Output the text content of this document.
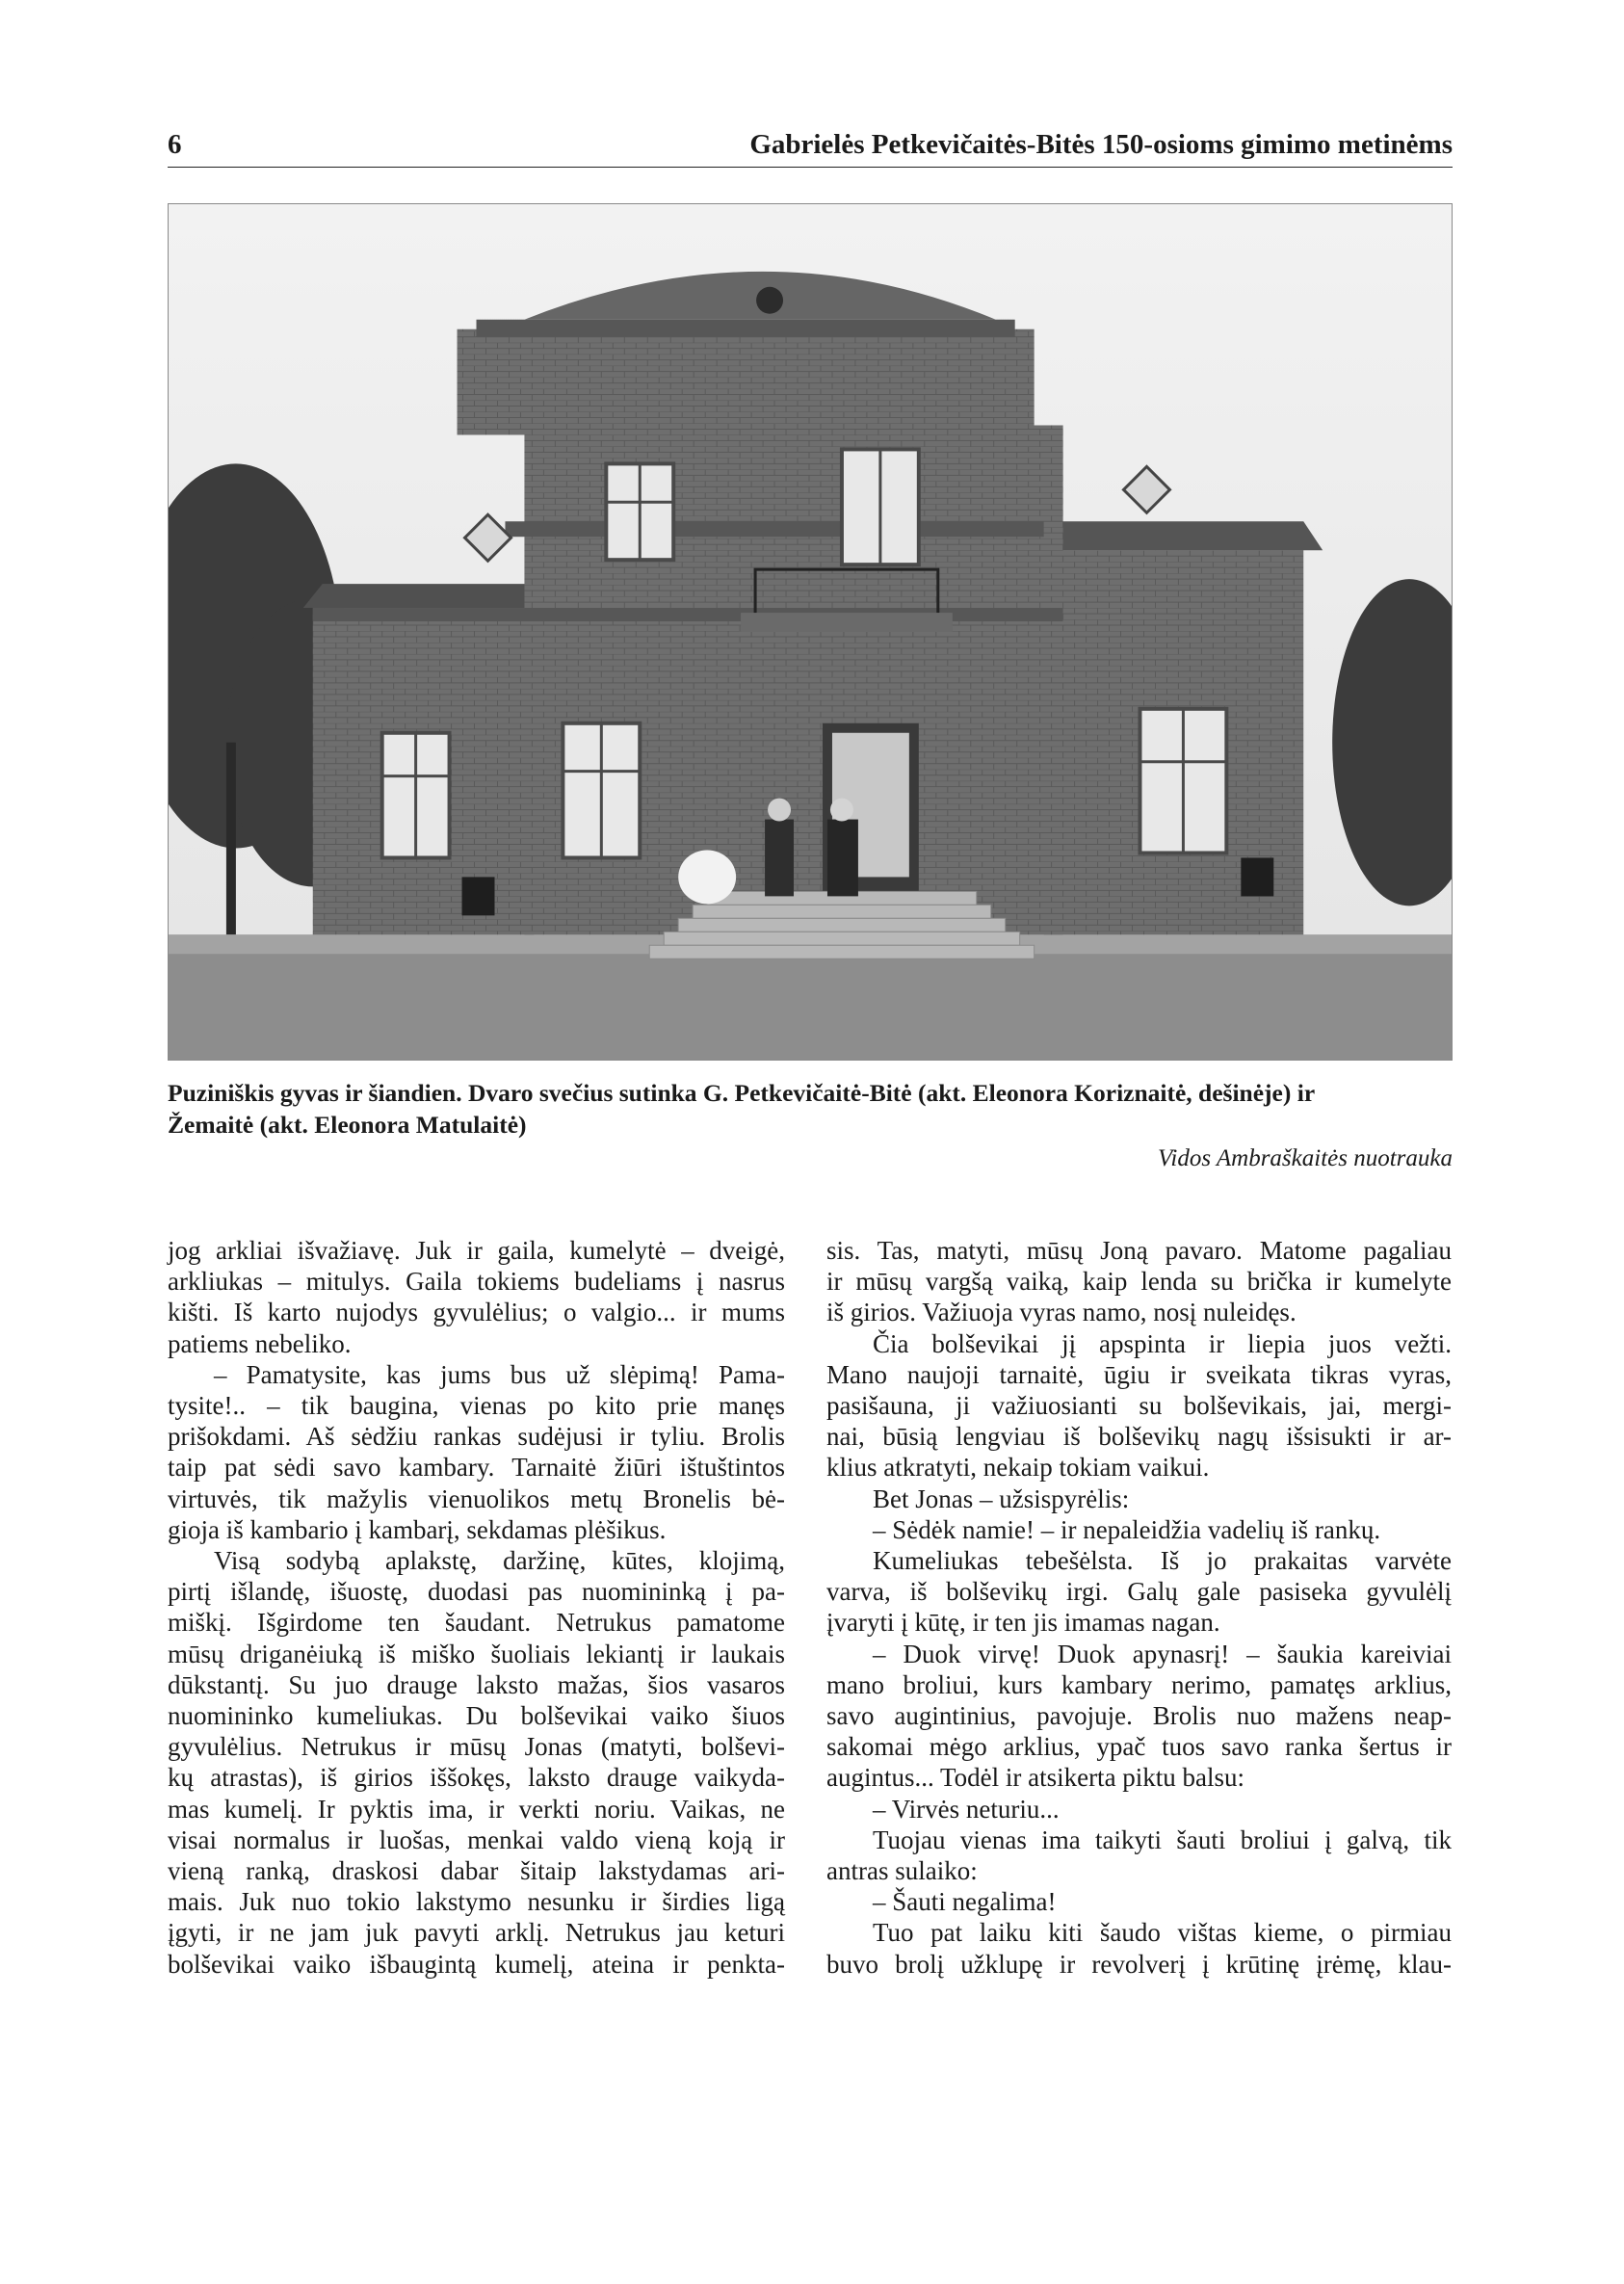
6	Gabrielės Petkevičaitės-Bitės 150-osioms gimimo metinėms
Puziniškis gyvas ir šiandien. Dvaro svečius sutinka G. Petkevičaitė-Bitė (akt. Eleonora Koriznaitė, dešinėje) ir
Žemaitė (akt. Eleonora Matulaitė)
Vidos Ambraškaitės nuotrauka
jog arkliai išvažiavę. Juk ir gaila, kumelytė – dveigė,
arkliukas – mitulys. Gaila tokiems budeliams į nasrus
kišti. Iš karto nujodys gyvulėlius; o valgio... ir mums
patiems nebeliko.
– Pamatysite, kas jums bus už slėpimą! Pama-
tysite!.. – tik baugina, vienas po kito prie manęs
prišokdami. Aš sėdžiu rankas sudėjusi ir tyliu. Brolis
taip pat sėdi savo kambary. Tarnaitė žiūri ištuštintos
virtuvės, tik mažylis vienuolikos metų Bronelis bė-
gioja iš kambario į kambarį, sekdamas plėšikus.
Visą sodybą aplakstę, daržinę, kūtes, klojimą,
pirtį išlandę, išuostę, duodasi pas nuomininką į pa-
miškį. Išgirdome ten šaudant. Netrukus pamatome
mūsų driganėiuką iš miško šuoliais lekiantį ir laukais
dūkstantį. Su juo drauge laksto mažas, šios vasaros
nuomininko kumeliukas. Du bolševikai vaiko šiuos
gyvulėlius. Netrukus ir mūsų Jonas (matyti, bolševi-
kų atrastas), iš girios iššokęs, laksto drauge vaikyda-
mas kumelį. Ir pyktis ima, ir verkti noriu. Vaikas, ne
visai normalus ir luošas, menkai valdo vieną koją ir
vieną ranką, draskosi dabar šitaip lakstydamas ari-
mais. Juk nuo tokio lakstymo nesunku ir širdies ligą
įgyti, ir ne jam juk pavyti arklį. Netrukus jau keturi
bolševikai vaiko išbaugintą kumelį, ateina ir penkta-
sis. Tas, matyti, mūsų Joną pavaro. Matome pagaliau
ir mūsų vargšą vaiką, kaip lenda su brička ir kumelyte
iš girios. Važiuoja vyras namo, nosį nuleidęs.
Čia bolševikai jį apspinta ir liepia juos vežti.
Mano naujoji tarnaitė, ūgiu ir sveikata tikras vyras,
pasišauna, ji važiuosianti su bolševikais, jai, mergi-
nai, būsią lengviau iš bolševikų nagų išsisukti ir ar-
klius atkratyti, nekaip tokiam vaikui.
Bet Jonas – užsispyrėlis:
– Sėdėk namie! – ir nepaleidžia vadelių iš rankų.
Kumeliukas tebešėlsta. Iš jo prakaitas varvėte
varva, iš bolševikų irgi. Galų gale pasiseka gyvulėlį
įvaryti į kūtę, ir ten jis imamas nagan.
– Duok virvę! Duok apynasrį! – šaukia kareiviai
mano broliui, kurs kambary nerimo, pamatęs arklius,
savo augintinius, pavojuje. Brolis nuo mažens neap-
sakomai mėgo arklius, ypač tuos savo ranka šertus ir
augintus... Todėl ir atsikerta piktu balsu:
– Virvės neturiu...
Tuojau vienas ima taikyti šauti broliui į galvą, tik
antras sulaiko:
– Šauti negalima!
Tuo pat laiku kiti šaudo vištas kieme, o pirmiau
buvo brolį užklupę ir revolverį į krūtinę įrėmę, klau-
